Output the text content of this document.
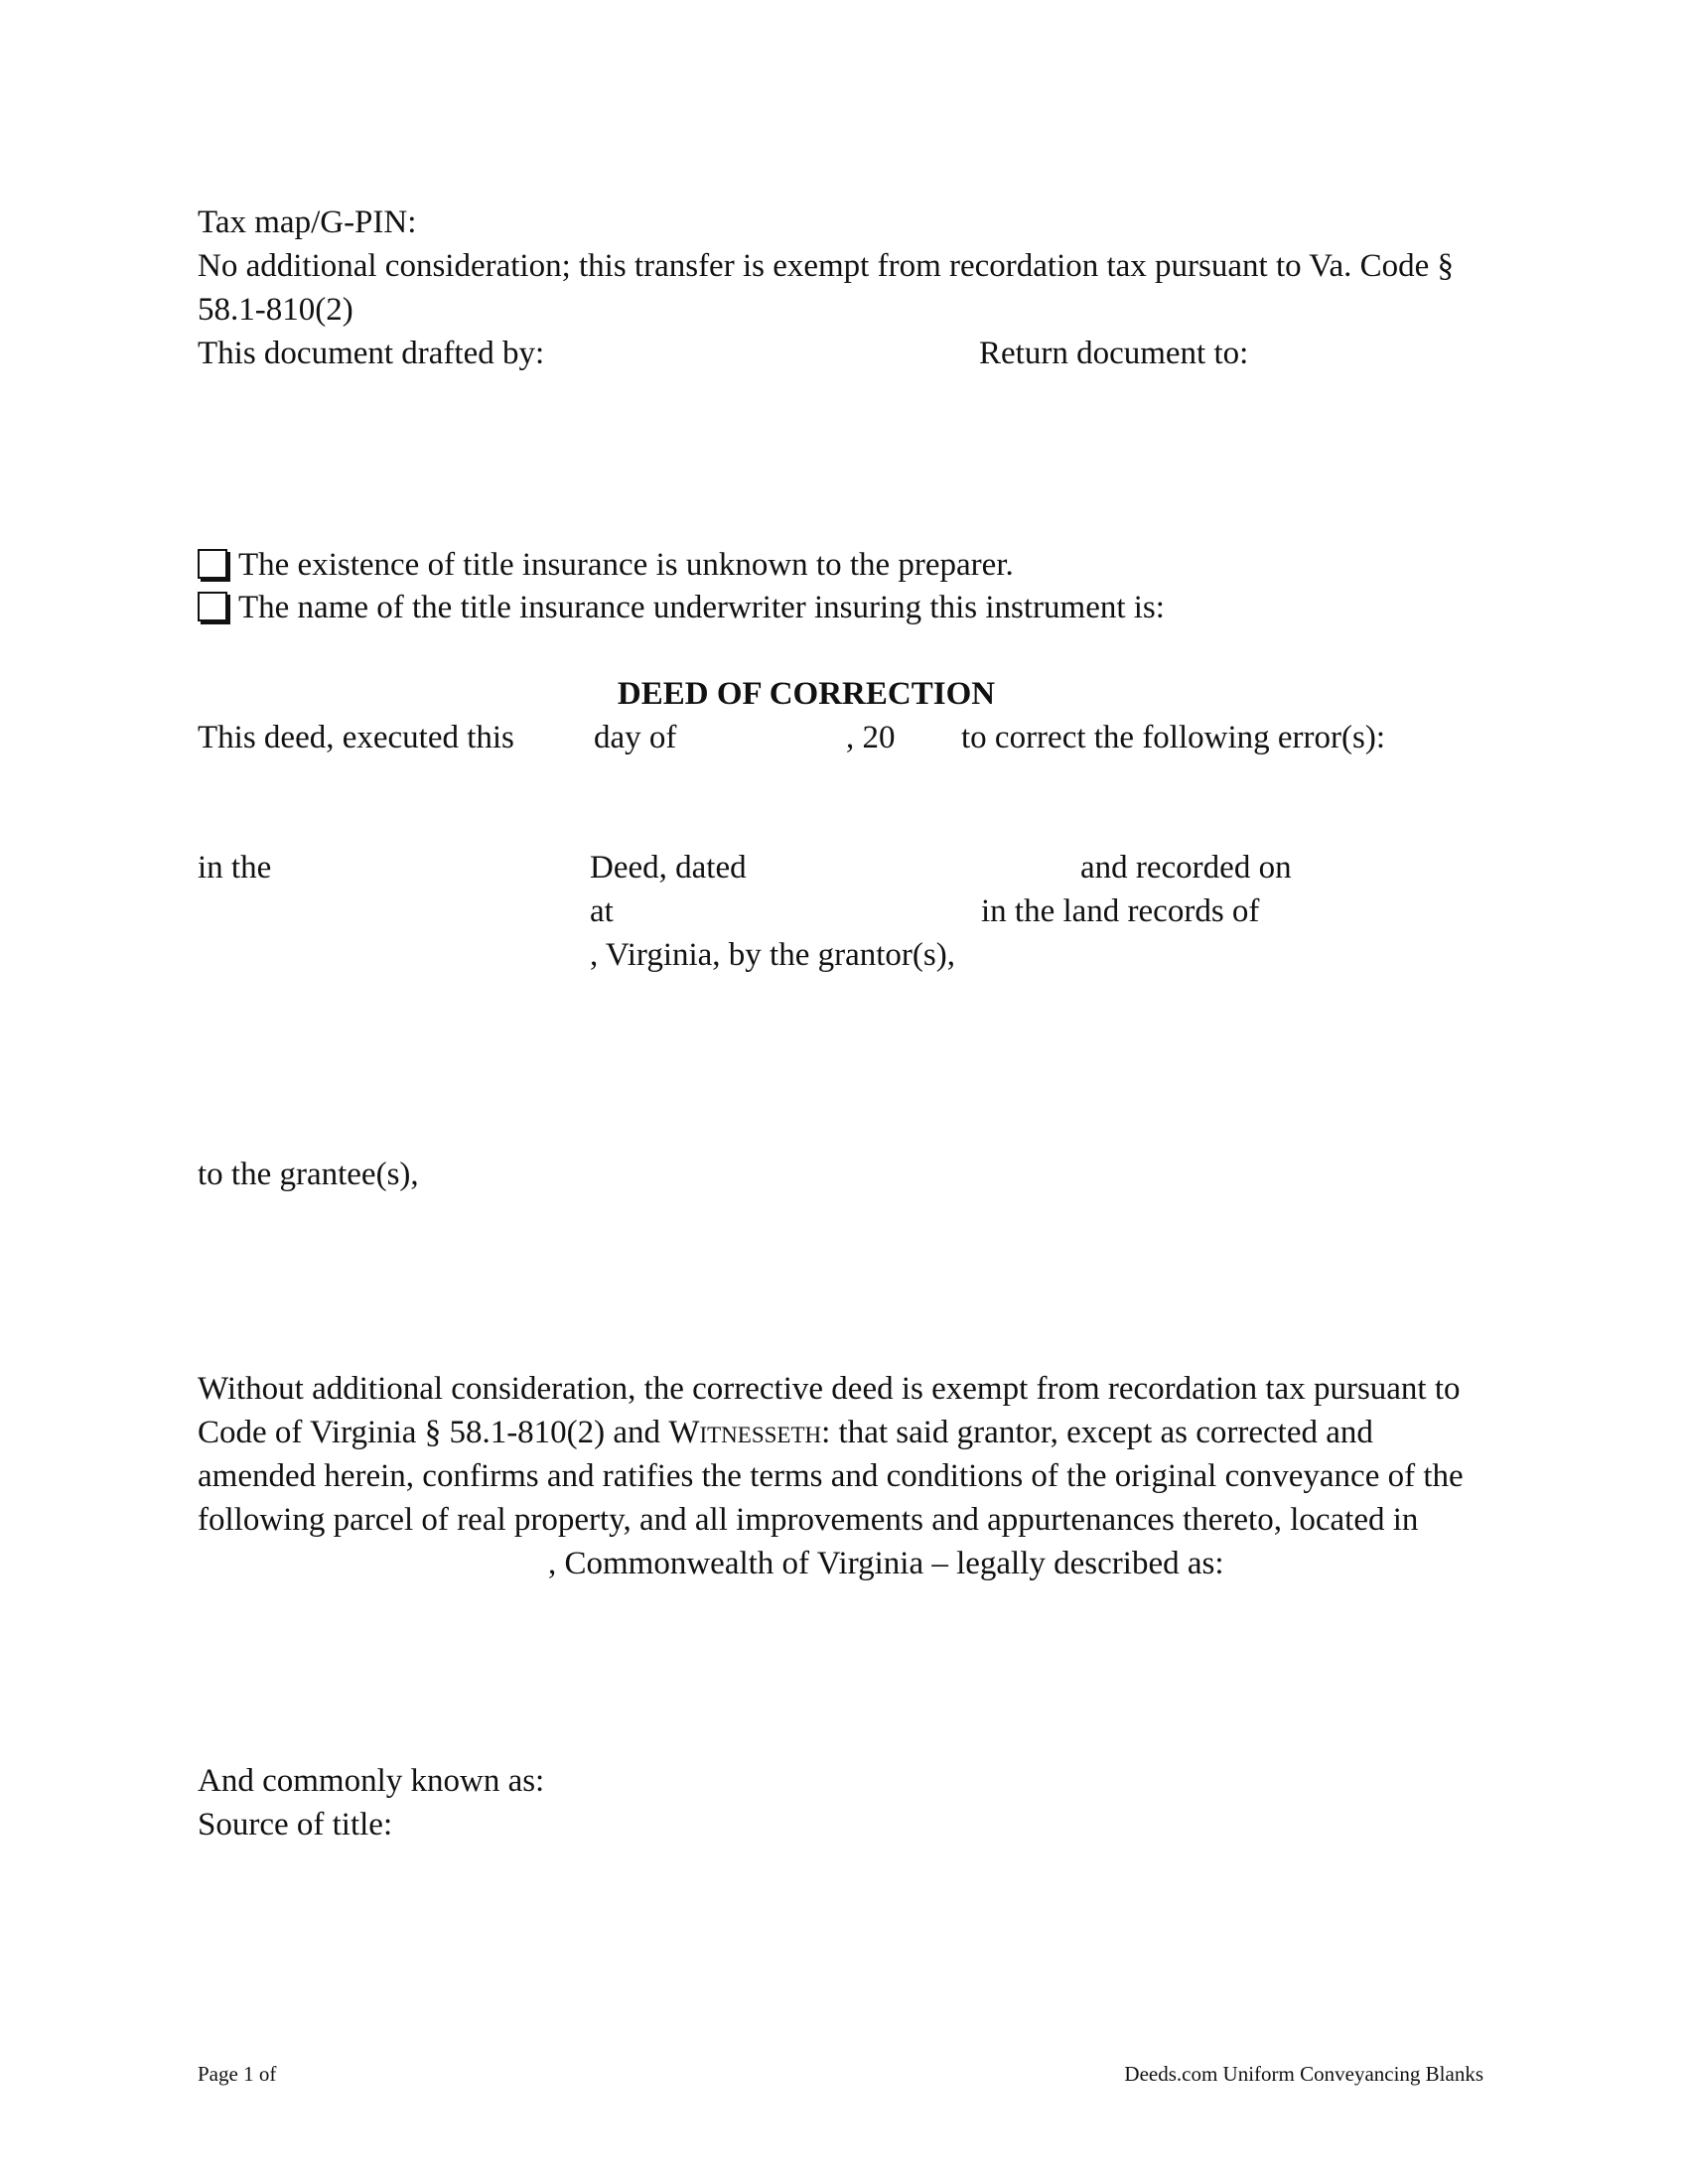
Tax map/G-PIN:
No additional consideration; this transfer is exempt from recordation tax pursuant to Va. Code §
58.1-810(2)
This document drafted by:	Return document to:
The existence of title insurance is unknown to the preparer.
The name of the title insurance underwriter insuring this instrument is:
DEED OF CORRECTION
This deed, executed this day of	, 20 to correct the following error(s):
in the	Deed, dated	and recorded on
at	in the land records of
, Virginia, by the grantor(s),
to the grantee(s),
Without additional consideration, the corrective deed is exempt from recordation tax pursuant to
Code of Virginia § 58.1-810(2) and Witnesseth: that said grantor, except as corrected and
amended herein, confirms and ratifies the terms and conditions of the original conveyance of the
following parcel of real property, and all improvements and appurtenances thereto, located in
, Commonwealth of Virginia – legally described as:
And commonly known as:
Source of title:
Page 1 of	Deeds.com Uniform Conveyancing Blanks
